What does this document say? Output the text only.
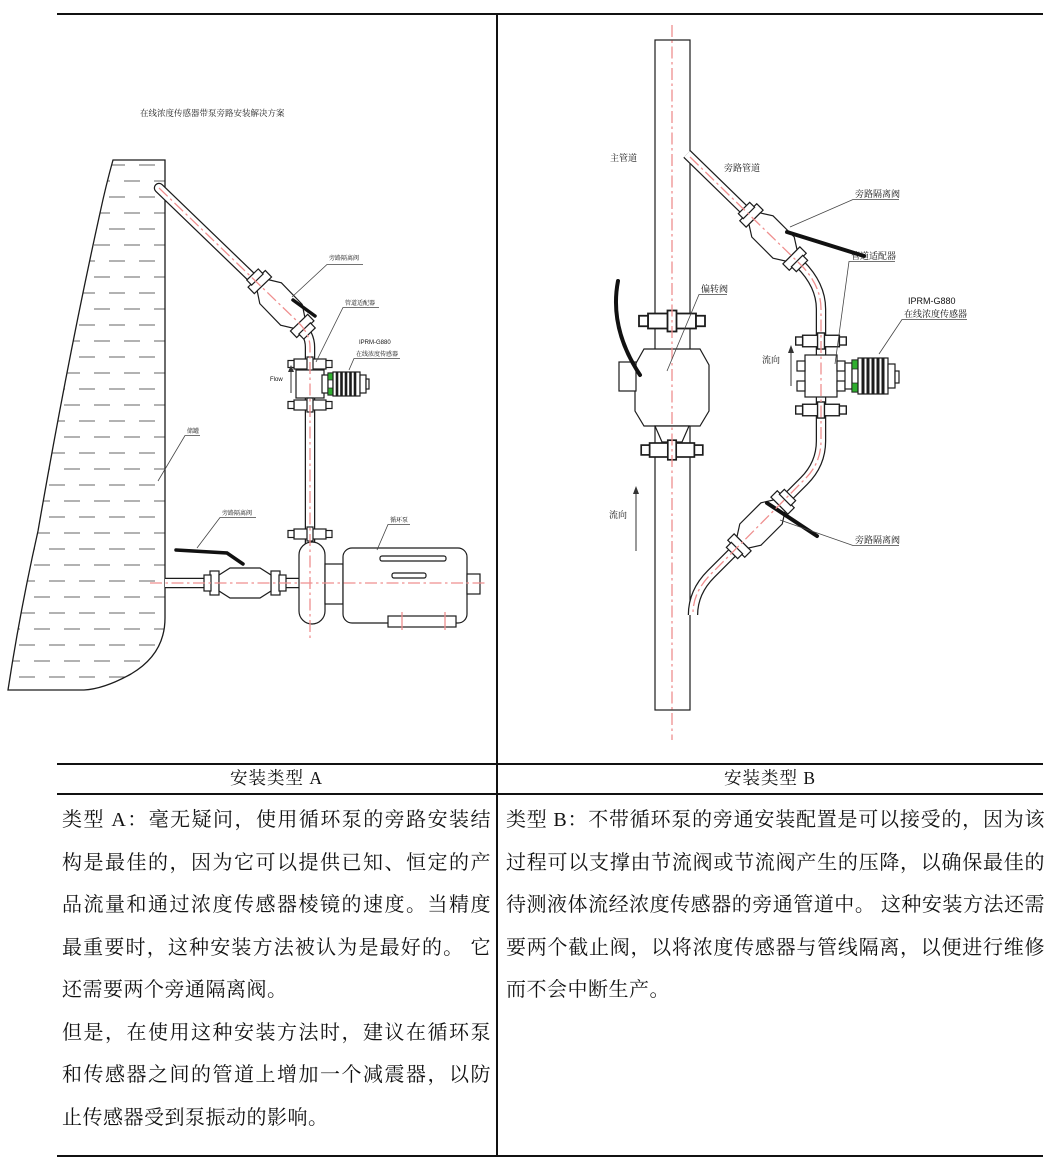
在线浓度传感器带泵旁路安装解决方案
Flow
旁路隔离阀
管道适配器
IPRM-G880
在线浓度传感器
储罐
旁路隔离阀
循环泵
流向
流向
主管道
旁路管道
旁路隔离阀
管道适配器
IPRM-G880
在线浓度传感器
偏转阀
旁路隔离阀
安装类型 A	安装类型 B

类型 A：毫无疑问，使用循环泵的旁路安装结构是最佳的，因为它可以提供已知、恒定的产品流量和通过浓度传感器棱镜的速度。当精度最重要时，这种安装方法被认为是最好的。 它还需要两个旁通隔离阀。

但是，在使用这种安装方法时，建议在循环泵和传感器之间的管道上增加一个减震器，以防止传感器受到泵振动的影响。

类型 B：不带循环泵的旁通安装配置是可以接受的，因为该过程可以支撑由节流阀或节流阀产生的压降，以确保最佳的待测液体流经浓度传感器的旁通管道中。 这种安装方法还需要两个截止阀，以将浓度传感器与管线隔离，以便进行维修而不会中断生产。
